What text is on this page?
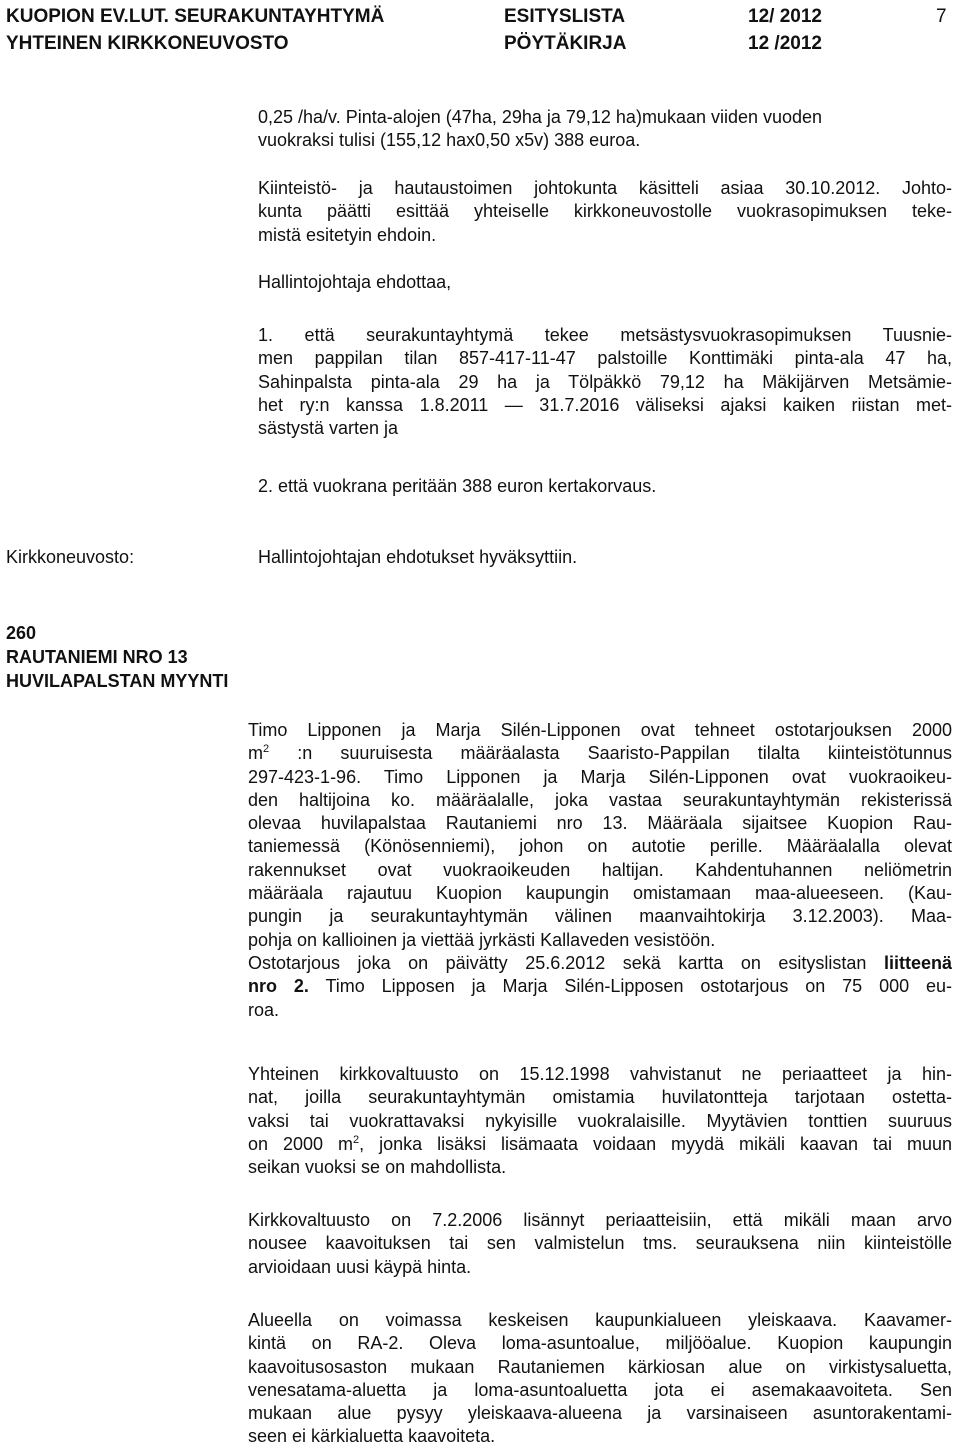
KUOPION EV.LUT. SEURAKUNTAYHTYMÄ	ESITYSLISTA	12/ 2012	7
YHTEINEN KIRKKONEUVOSTO	PÖYTÄKIRJA	12 /2012

0,25 /ha/v. Pinta-alojen (47ha, 29ha ja 79,12 ha)mukaan viiden vuoden

vuokraksi tulisi (155,12 hax0,50 x5v) 388 euroa.

Kiinteistö- ja hautaustoimen johtokunta käsitteli asiaa 30.10.2012. Johto-

kunta päätti esittää yhteiselle kirkkoneuvostolle vuokrasopimuksen teke-

mistä esitetyin ehdoin.

Hallintojohtaja ehdottaa,

1. että seurakuntayhtymä tekee metsästysvuokrasopimuksen Tuusnie-

men pappilan tilan 857-417-11-47 palstoille Konttimäki pinta-ala 47 ha,

Sahinpalsta pinta-ala 29 ha ja Tölpäkkö 79,12 ha Mäkijärven Metsämie-

het ry:n kanssa 1.8.2011 — 31.7.2016 väliseksi ajaksi kaiken riistan met-

sästystä varten ja

2. että vuokrana peritään 388 euron kertakorvaus.
Kirkkoneuvosto:	Hallintojohtajan ehdotukset hyväksyttiin.
260
RAUTANIEMI NRO 13
HUVILAPALSTAN MYYNTI

Timo Lipponen ja Marja Silén-Lipponen ovat tehneet ostotarjouksen 2000

$m^2$ :n suuruisesta määräalasta Saaristo-Pappilan tilalta kiinteistötunnus

297-423-1-96. Timo Lipponen ja Marja Silén-Lipponen ovat vuokraoikeu-

den haltijoina ko. määräalalle, joka vastaa seurakuntayhtymän rekisterissä

olevaa huvilapalstaa Rautaniemi nro 13. Määräala sijaitsee Kuopion Rau-

taniemessä (Könösenniemi), johon on autotie perille. Määräalalla olevat

rakennukset ovat vuokraoikeuden haltijan. Kahdentuhannen neliömetrin

määräala rajautuu Kuopion kaupungin omistamaan maa-alueeseen. (Kau-

pungin ja seurakuntayhtymän välinen maanvaihtokirja 3.12.2003). Maa-

pohja on kallioinen ja viettää jyrkästi Kallaveden vesistöön.

Ostotarjous joka on päivätty 25.6.2012 sekä kartta on esityslistan liitteenä

nro 2. Timo Lipposen ja Marja Silén-Lipposen ostotarjous on 75 000 eu-

roa.

Yhteinen kirkkovaltuusto on 15.12.1998 vahvistanut ne periaatteet ja hin-

nat, joilla seurakuntayhtymän omistamia huvilatontteja tarjotaan ostetta-

vaksi tai vuokrattavaksi nykyisille vuokralaisille. Myytävien tonttien suuruus

on 2000 $m^2$, jonka lisäksi lisämaata voidaan myydä mikäli kaavan tai muun

seikan vuoksi se on mahdollista.

Kirkkovaltuusto on 7.2.2006 lisännyt periaatteisiin, että mikäli maan arvo

nousee kaavoituksen tai sen valmistelun tms. seurauksena niin kiinteistölle

arvioidaan uusi käypä hinta.

Alueella on voimassa keskeisen kaupunkialueen yleiskaava. Kaavamer-

kintä on RA-2. Oleva loma-asuntoalue, miljööalue. Kuopion kaupungin

kaavoitusosaston mukaan Rautaniemen kärkiosan alue on virkistysaluetta,

venesatama-aluetta ja loma-asuntoaluetta jota ei asemakaavoiteta. Sen

mukaan alue pysyy yleiskaava-alueena ja varsinaiseen asuntorakentami-

seen ei kärkialuetta kaavoiteta.
